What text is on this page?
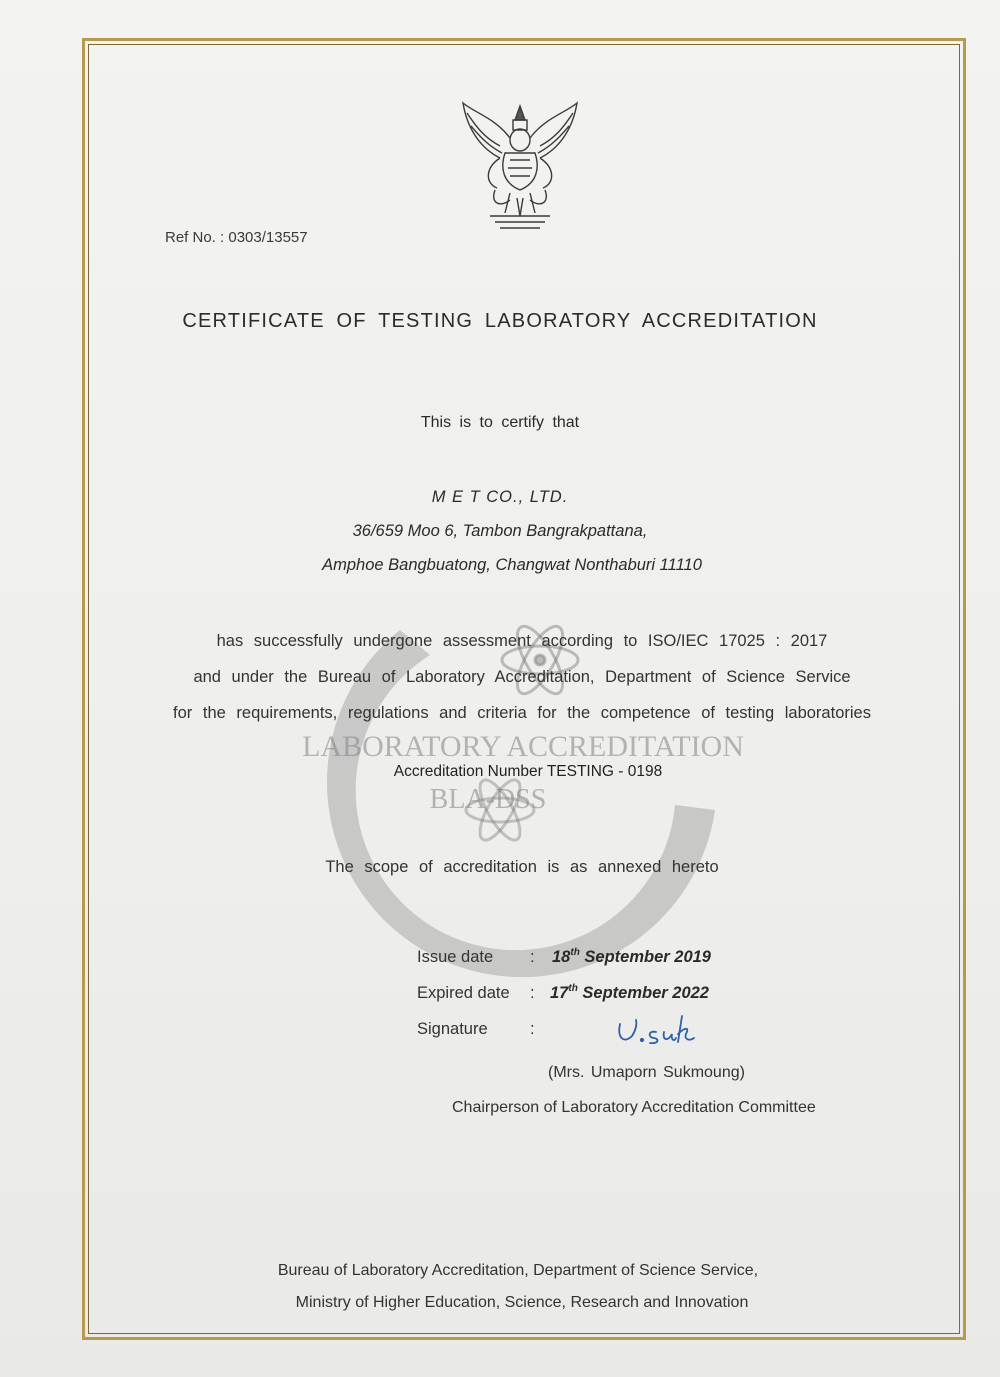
Ref No. : 0303/13557
CERTIFICATE OF TESTING LABORATORY ACCREDITATION
This is to certify that
M E T CO., LTD.
36/659 Moo 6, Tambon Bangrakpattana,
Amphoe Bangbuatong, Changwat Nonthaburi 11110
has successfully undergone assessment according to ISO/IEC 17025 : 2017
and under the Bureau of Laboratory Accreditation, Department of Science Service
for the requirements, regulations and criteria for the competence of testing laboratories
LABORATORY ACCREDITATION
Accreditation Number TESTING - 0198
BLA-DSS
The scope of accreditation is as annexed hereto
Issue date : 18th September 2019
Expired date : 17th September 2022
Signature	:
(Mrs. Umaporn Sukmoung)
Chairperson of Laboratory Accreditation Committee
Bureau of Laboratory Accreditation, Department of Science Service,
Ministry of Higher Education, Science, Research and Innovation
